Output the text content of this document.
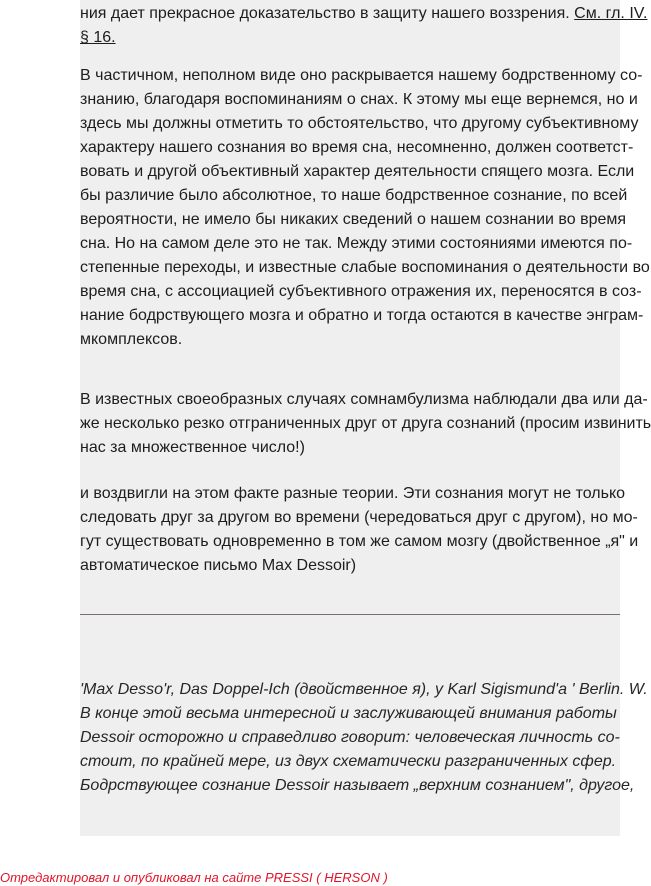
ния дает прекрасное доказательство в защиту нашего воззрения. См. гл. IV.
§ 16.
В частичном, неполном виде оно раскрывается нашему бодрственному со-
знанию, благодаря воспоминаниям о снах. К этому мы еще вернемся, но и
здесь мы должны отметить то обстоятельство, что другому субъективному
характеру нашего сознания во время сна, несомненно, должен соответст-
вовать и другой объективный характер деятельности спящего мозга. Если
бы различие было абсолютное, то наше бодрственное сознание, по всей
вероятности, не имело бы никаких сведений о нашем сознании во время
сна. Но на самом деле это не так. Между этими состояниями имеются по-
степенные переходы, и известные слабые воспоминания о деятельности во
время сна, с ассоциацией субъективного отражения их, переносятся в соз-
нание бодрствующего мозга и обратно и тогда остаются в качестве энграм-
мкомплексов.
В известных своеобразных случаях сомнамбулизма наблюдали два или да-
же несколько резко отграниченных друг от друга сознаний (просим извинить
нас за множественное число!)
и воздвигли на этом факте разные теории. Эти сознания могут не только
следовать друг за другом во времени (чередоваться друг с другом), но мо-
гут существовать одновременно в том же самом мозгу (двойственное „я" и
автоматическое письмо Max Dessoir)
'Max Desso'r, Das Doppel-Ich (двойственное я), у Karl Sigismund'a ' Berlin. W.
В конце этой весьма интересной и заслуживающей внимания работы
Dessoir осторожно и справедливо говорит: человеческая личность со-
стоит, по крайней мере, из двух схематически разграниченных сфер.
Бодрствующее сознание Dessoir называет „верхним сознанием", другое,
Отредактировал и опубликовал на сайте PRESSI ( HERSON )
